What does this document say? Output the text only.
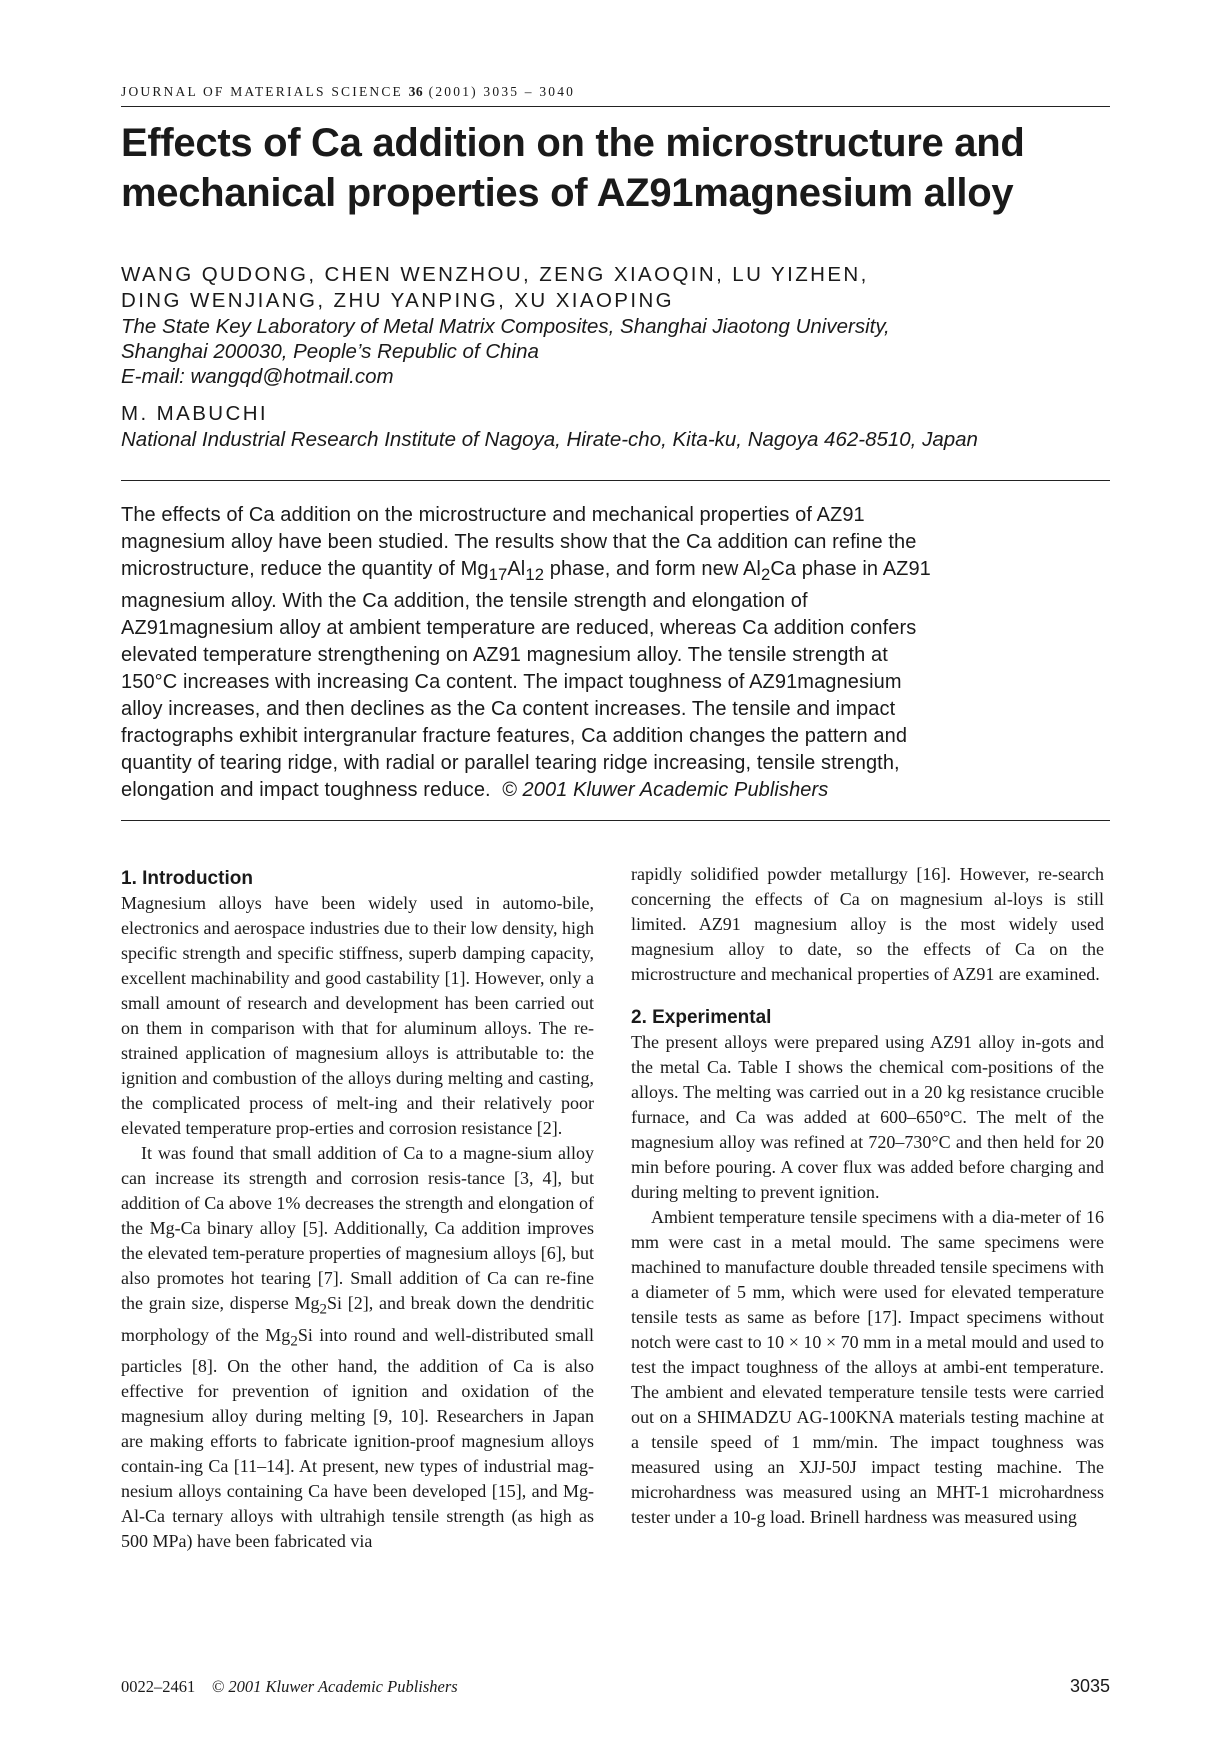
JOURNAL OF MATERIALS SCIENCE 36 (2001) 3035 – 3040
Effects of Ca addition on the microstructure and
mechanical properties of AZ91magnesium alloy
WANG QUDONG, CHEN WENZHOU, ZENG XIAOQIN, LU YIZHEN,
DING WENJIANG, ZHU YANPING, XU XIAOPING
The State Key Laboratory of Metal Matrix Composites, Shanghai Jiaotong University,
Shanghai 200030, People’s Republic of China
E-mail: wangqd@hotmail.com
M. MABUCHI
National Industrial Research Institute of Nagoya, Hirate-cho, Kita-ku, Nagoya 462-8510, Japan
The effects of Ca addition on the microstructure and mechanical properties of AZ91
magnesium alloy have been studied. The results show that the Ca addition can refine the
microstructure, reduce the quantity of $Mg_{17}Al_{12}$ phase, and form new $Al_2Ca$ phase in AZ91
magnesium alloy. With the Ca addition, the tensile strength and elongation of
AZ91magnesium alloy at ambient temperature are reduced, whereas Ca addition confers
elevated temperature strengthening on AZ91 magnesium alloy. The tensile strength at
150°C increases with increasing Ca content. The impact toughness of AZ91magnesium
alloy increases, and then declines as the Ca content increases. The tensile and impact
fractographs exhibit intergranular fracture features, Ca addition changes the pattern and
quantity of tearing ridge, with radial or parallel tearing ridge increasing, tensile strength,
elongation and impact toughness reduce. © 2001 Kluwer Academic Publishers
1. Introduction

Magnesium alloys have been widely used in automo-bile, electronics and aerospace industries due to their low density, high specific strength and specific stiffness, superb damping capacity, excellent machinability and good castability [1]. However, only a small amount of research and development has been carried out on them in comparison with that for aluminum alloys. The re-strained application of magnesium alloys is attributable to: the ignition and combustion of the alloys during melting and casting, the complicated process of melt-ing and their relatively poor elevated temperature prop-erties and corrosion resistance [2].

It was found that small addition of Ca to a magne-sium alloy can increase its strength and corrosion resis-tance [3, 4], but addition of Ca above 1% decreases the strength and elongation of the Mg-Ca binary alloy [5]. Additionally, Ca addition improves the elevated tem-perature properties of magnesium alloys [6], but also promotes hot tearing [7]. Small addition of Ca can re-fine the grain size, disperse $Mg_2Si$ [2], and break down the dendritic morphology of the $Mg_2Si$ into round and well-distributed small particles [8]. On the other hand, the addition of Ca is also effective for prevention of ignition and oxidation of the magnesium alloy during melting [9, 10]. Researchers in Japan are making efforts to fabricate ignition-proof magnesium alloys contain-ing Ca [11–14]. At present, new types of industrial mag-nesium alloys containing Ca have been developed [15], and Mg-Al-Ca ternary alloys with ultrahigh tensile strength (as high as 500 MPa) have been fabricated via

rapidly solidified powder metallurgy [16]. However, re-search concerning the effects of Ca on magnesium al-loys is still limited. AZ91 magnesium alloy is the most widely used magnesium alloy to date, so the effects of Ca on the microstructure and mechanical properties of AZ91 are examined.

2. Experimental

The present alloys were prepared using AZ91 alloy in-gots and the metal Ca. Table I shows the chemical com-positions of the alloys. The melting was carried out in a 20 kg resistance crucible furnace, and Ca was added at 600–650°C. The melt of the magnesium alloy was refined at 720–730°C and then held for 20 min before pouring. A cover flux was added before charging and during melting to prevent ignition.

Ambient temperature tensile specimens with a dia-meter of 16 mm were cast in a metal mould. The same specimens were machined to manufacture double threaded tensile specimens with a diameter of 5 mm, which were used for elevated temperature tensile tests as same as before [17]. Impact specimens without notch were cast to 10 × 10 × 70 mm in a metal mould and used to test the impact toughness of the alloys at ambi-ent temperature. The ambient and elevated temperature tensile tests were carried out on a SHIMADZU AG-100KNA materials testing machine at a tensile speed of 1 mm/min. The impact toughness was measured using an XJJ-50J impact testing machine. The microhardness was measured using an MHT-1 microhardness tester under a 10-g load. Brinell hardness was measured using

0022–2461 © 2001 Kluwer Academic Publishers	3035
